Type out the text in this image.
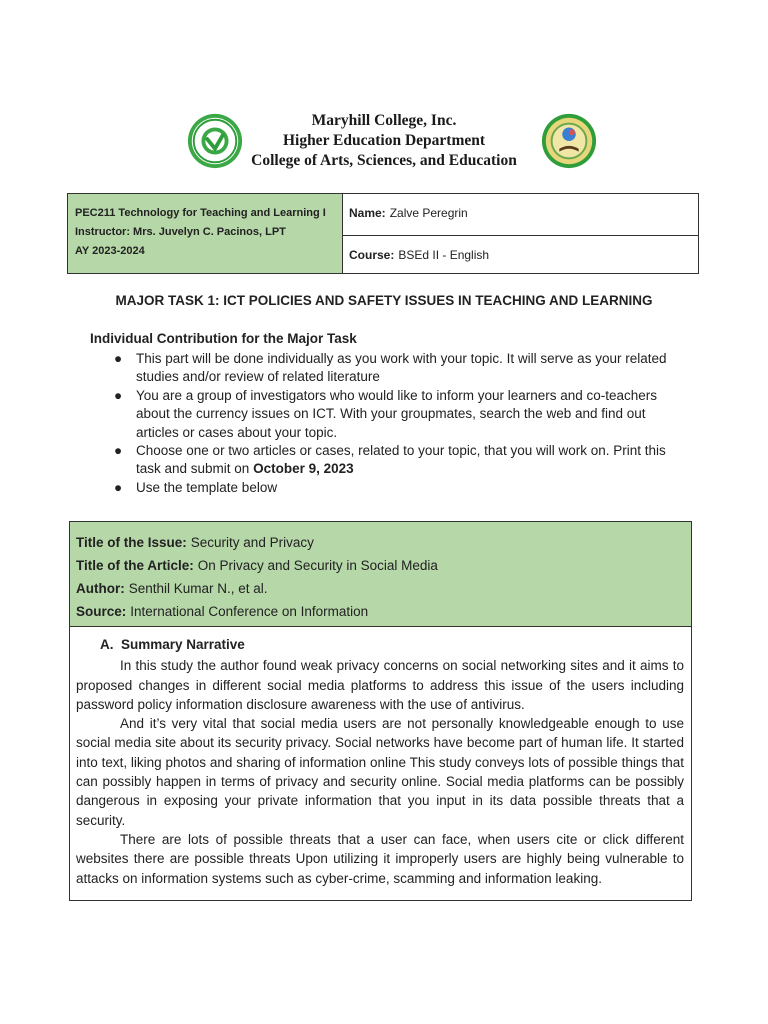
Maryhill College, Inc.
Higher Education Department
College of Arts, Sciences, and Education
PEC211 Technology for Teaching and Learning I
Instructor: Mrs. Juvelyn C. Pacinos, LPT
AY 2023-2024
Name: Zalve Peregrin
Course: BSEd II - English
MAJOR TASK 1: ICT POLICIES AND SAFETY ISSUES IN TEACHING AND LEARNING
Individual Contribution for the Major Task
● This part will be done individually as you work with your topic. It will serve as your related studies and/or review of related literature
● You are a group of investigators who would like to inform your learners and co-teachers about the currency issues on ICT. With your groupmates, search the web and find out articles or cases about your topic.
● Choose one or two articles or cases, related to your topic, that you will work on. Print this task and submit on October 9, 2023
● Use the template below
Title of the Issue: Security and Privacy
Title of the Article: On Privacy and Security in Social Media
Author: Senthil Kumar N., et al.
Source: International Conference on Information
A. Summary Narrative

In this study the author found weak privacy concerns on social networking sites and it aims to proposed changes in different social media platforms to address this issue of the users including password policy information disclosure awareness with the use of antivirus.

And it’s very vital that social media users are not personally knowledgeable enough to use social media site about its security privacy. Social networks have become part of human life. It started into text, liking photos and sharing of information online This study conveys lots of possible things that can possibly happen in terms of privacy and security online. Social media platforms can be possibly dangerous in exposing your private information that you input in its data possible threats that a security.

There are lots of possible threats that a user can face, when users cite or click different websites there are possible threats Upon utilizing it improperly users are highly being vulnerable to attacks on information systems such as cyber-crime, scamming and information leaking.
